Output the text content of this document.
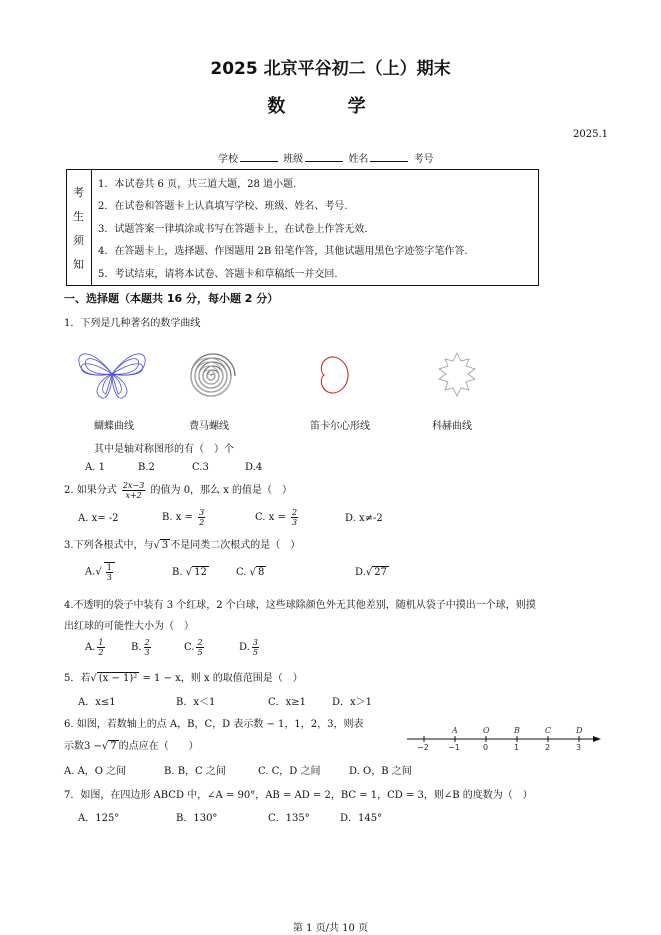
2025 北京平谷初二（上）期末
数 学
2025.1
学校	班级	姓名	考号
考
生
须
知
1．本试卷共 6 页，共三道大题，28 道小题.
2．在试卷和答题卡上认真填写学校、班级、姓名、考号.
3．试题答案一律填涂或书写在答题卡上，在试卷上作答无效.
4．在答题卡上，选择题、作图题用 2B 铅笔作答，其他试题用黑色字迹签字笔作答.
5．考试结束，请将本试卷、答题卡和草稿纸一并交回.
一、选择题（本题共 16 分，每小题 2 分）
1．下列是几种著名的数学曲线
蝴蝶曲线	费马螺线	笛卡尔心形线	科赫曲线
其中是轴对称图形的有（　）个
A. 1	B.2	C.3	D.4
2. 如果分式 $\frac{2x-3}{x+2}$ 的值为 0，那么 x 的值是（　）
A. x= -2	B. $x = \frac{3}{2}$	C. $x = \frac{2}{3}$	D. x≠-2
3.下列各根式中，与√ 3 不是同类二次根式的是（　）
$A.√ \frac{1}{3}$	B. √ 12	C. √ 8	D.√ 27
4.不透明的袋子中装有 3 个红球，2 个白球，这些球除颜色外无其他差别，随机从袋子中摸出一个球，则摸
出红球的可能性大小为（　）
A. $\frac{1}{2}$	B. $\frac{2}{3}$	C. $\frac{2}{5}$	D. $\frac{3}{5}$
5．若√ (x − 1)² = 1 − x，则 x 的取值范围是（　）
A．x≤1	B．x＜1	C．x≥1	D．x＞1
6. 如图，若数轴上的点 A，B，C，D 表示数 − 1，1，2，3，则表
示数3 −√ 7 的点应在（　　）
A	O	B	C	D
−2 −1	0	1	2	3
A. A，O 之间	B. B，C 之间	C. C，D 之间	D. O，B 之间
7．如图，在四边形 ABCD 中，∠A = 90°，AB = AD = 2，BC = 1，CD = 3，则∠B 的度数为（　）
A．125°	B．130°	C．135°	D．145°
第 1 页/共 10 页
